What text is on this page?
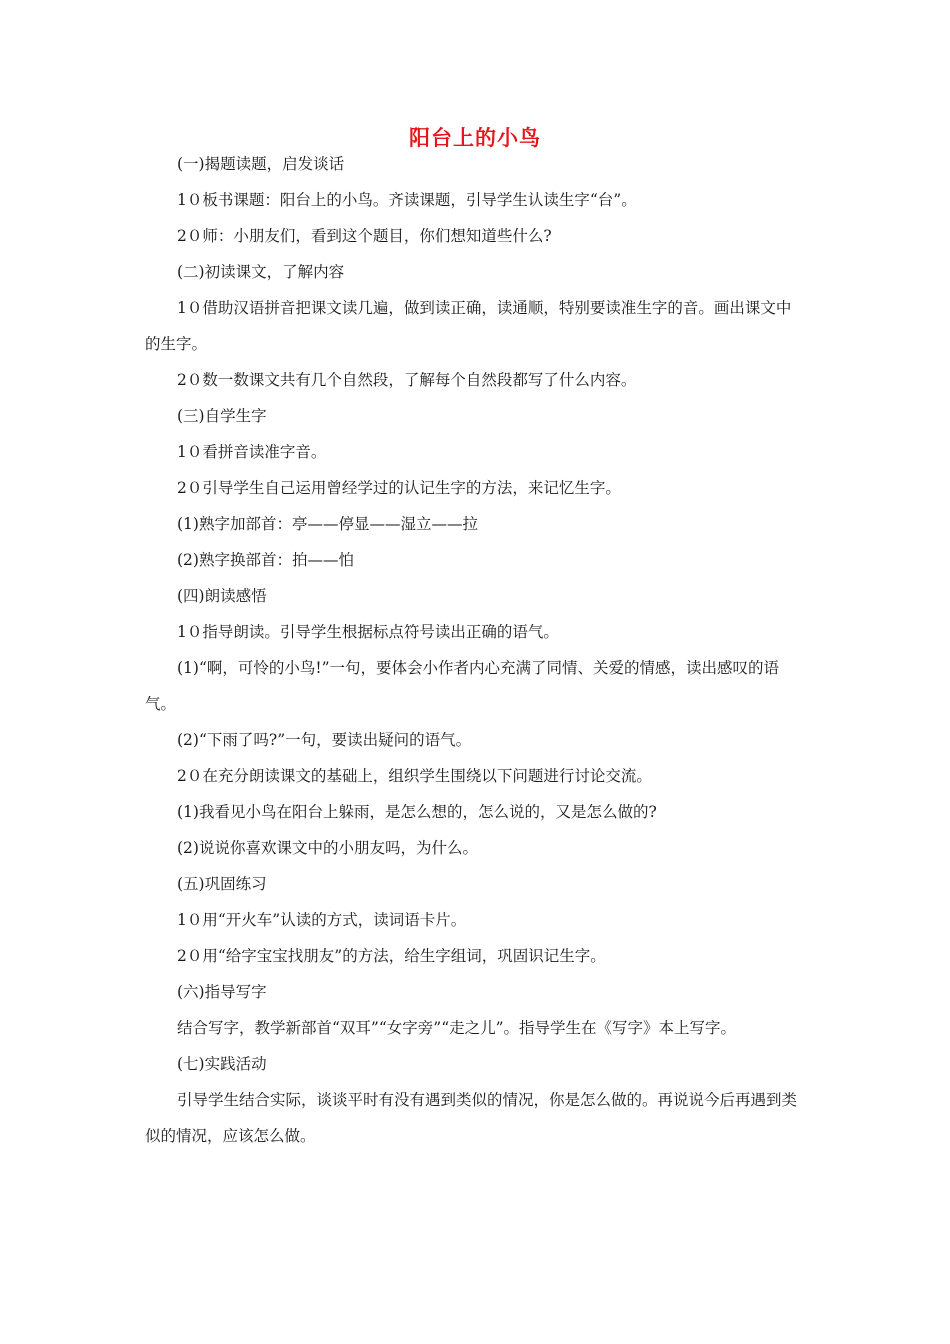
阳台上的小鸟

(一)揭题读题，启发谈话

1０板书课题：阳台上的小鸟。齐读课题，引导学生认读生字“台”。

2０师：小朋友们，看到这个题目，你们想知道些什么?

(二)初读课文，了解内容

1０借助汉语拼音把课文读几遍，做到读正确，读通顺，特别要读准生字的音。画出课文中的生字。

2０数一数课文共有几个自然段，了解每个自然段都写了什么内容。

(三)自学生字

1０看拼音读准字音。

2０引导学生自己运用曾经学过的认记生字的方法，来记忆生字。

(1)熟字加部首：亭——停显——湿立——拉

(2)熟字换部首：拍——怕

(四)朗读感悟

1０指导朗读。引导学生根据标点符号读出正确的语气。

(1)“啊，可怜的小鸟!”一句，要体会小作者内心充满了同情、关爱的情感，读出感叹的语气。

(2)“下雨了吗?”一句，要读出疑问的语气。

2０在充分朗读课文的基础上，组织学生围绕以下问题进行讨论交流。

(1)我看见小鸟在阳台上躲雨，是怎么想的，怎么说的，又是怎么做的?

(2)说说你喜欢课文中的小朋友吗，为什么。

(五)巩固练习

1０用“开火车”认读的方式，读词语卡片。

2０用“给字宝宝找朋友”的方法，给生字组词，巩固识记生字。

(六)指导写字

结合写字，教学新部首“双耳”“女字旁”“走之儿”。指导学生在《写字》本上写字。

(七)实践活动

引导学生结合实际，谈谈平时有没有遇到类似的情况，你是怎么做的。再说说今后再遇到类似的情况，应该怎么做。
